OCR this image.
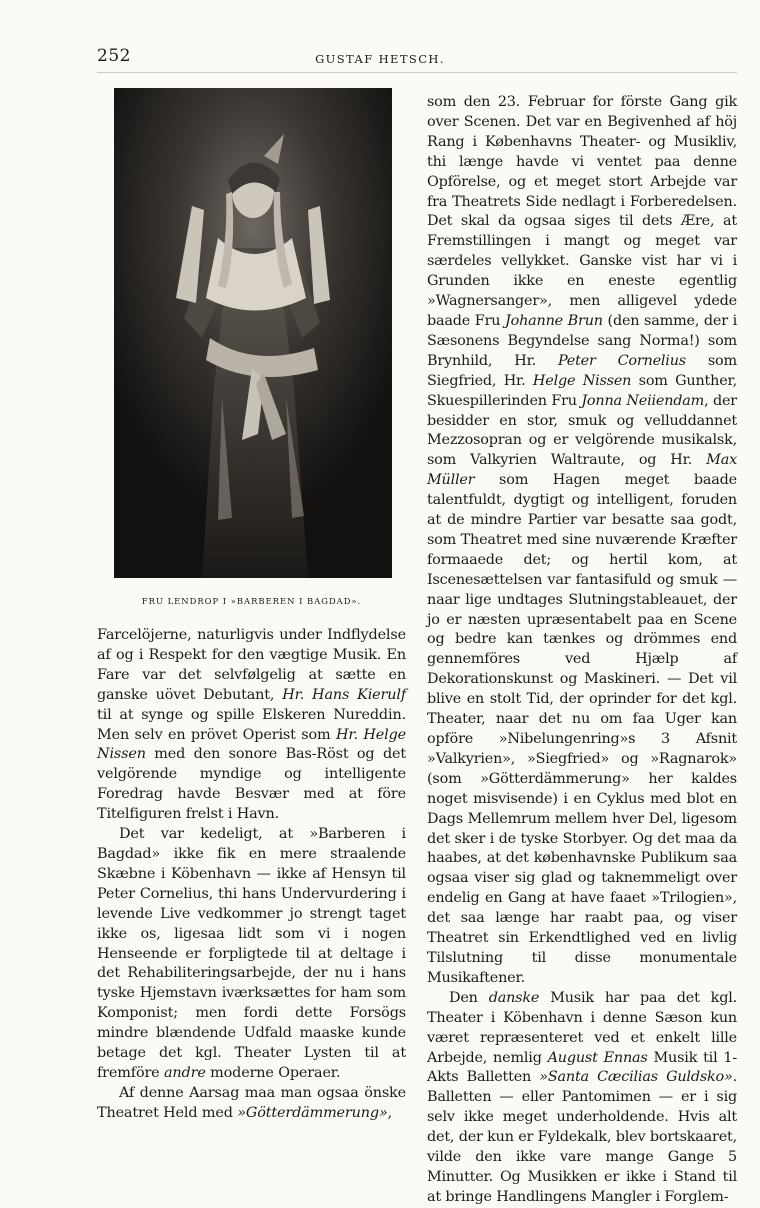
252	GUSTAF HETSCH.
FRU LENDROP I »BARBEREN I BAGDAD».

Farcelöjerne, naturligvis under Indflydelse af og i Respekt for den vægtige Musik. En Fare var det selvfølgelig at sætte en ganske uövet Debutant, Hr. Hans Kierulf til at synge og spille Elskeren Nureddin. Men selv en prövet Operist som Hr. Helge Nissen med den sonore Bas-Röst og det velgörende myndige og intelligente Foredrag havde Besvær med at före Titelfiguren frelst i Havn.

Det var kedeligt, at »Barberen i Bagdad» ikke fik en mere straalende Skæbne i Köbenhavn — ikke af Hensyn til Peter Cornelius, thi hans Undervurdering i levende Live vedkommer jo strengt taget ikke os, ligesaa lidt som vi i nogen Henseende er forpligtede til at deltage i det Rehabiliteringsarbejde, der nu i hans tyske Hjemstavn iværksættes for ham som Komponist; men fordi dette Forsögs mindre blændende Udfald maaske kunde betage det kgl. Theater Lysten til at fremföre andre moderne Operaer.

Af denne Aarsag maa man ogsaa önske Theatret Held med »Götterdämmerung»,

som den 23. Februar for förste Gang gik over Scenen. Det var en Begivenhed af höj Rang i Københavns Theater- og Musikliv, thi længe havde vi ventet paa denne Opförelse, og et meget stort Arbejde var fra Theatrets Side nedlagt i Forberedelsen. Det skal da ogsaa siges til dets Ære, at Fremstillingen i mangt og meget var særdeles vellykket. Ganske vist har vi i Grunden ikke en eneste egentlig »Wagnersanger», men alligevel ydede baade Fru Johanne Brun (den samme, der i Sæsonens Begyndelse sang Norma!) som Brynhild, Hr. Peter Cornelius som Siegfried, Hr. Helge Nissen som Gunther, Skuespillerinden Fru Jonna Neiiendam, der besidder en stor, smuk og velluddannet Mezzosopran og er velgörende musikalsk, som Valkyrien Waltraute, og Hr. Max Müller som Hagen meget baade talentfuldt, dygtigt og intelligent, foruden at de mindre Partier var besatte saa godt, som Theatret med sine nuværende Kræfter formaaede det; og hertil kom, at Iscenesættelsen var fantasifuld og smuk — naar lige undtages Slutningstableauet, der jo er næsten upræsentabelt paa en Scene og bedre kan tænkes og drömmes end gennemföres ved Hjælp af Dekorationskunst og Maskineri. — Det vil blive en stolt Tid, der oprinder for det kgl. Theater, naar det nu om faa Uger kan opföre »Nibelungenring»s 3 Afsnit »Valkyrien», »Siegfried» og »Ragnarok» (som »Götterdämmerung» her kaldes noget misvisende) i en Cyklus med blot en Dags Mellemrum mellem hver Del, ligesom det sker i de tyske Storbyer. Og det maa da haabes, at det københavnske Publikum saa ogsaa viser sig glad og taknemmeligt over endelig en Gang at have faaet »Trilogien», det saa længe har raabt paa, og viser Theatret sin Erkendtlighed ved en livlig Tilslutning til disse monumentale Musikaftener.

Den danske Musik har paa det kgl. Theater i Köbenhavn i denne Sæson kun været repræsenteret ved et enkelt lille Arbejde, nemlig August Ennas Musik til 1-Akts Balletten »Santa Cæcilias Guldsko». Balletten — eller Pantomimen — er i sig selv ikke meget underholdende. Hvis alt det, der kun er Fyldekalk, blev bortskaaret, vilde den ikke vare mange Gange 5 Minutter. Og Musikken er ikke i Stand til at bringe Handlingens Mangler i Forglem-
